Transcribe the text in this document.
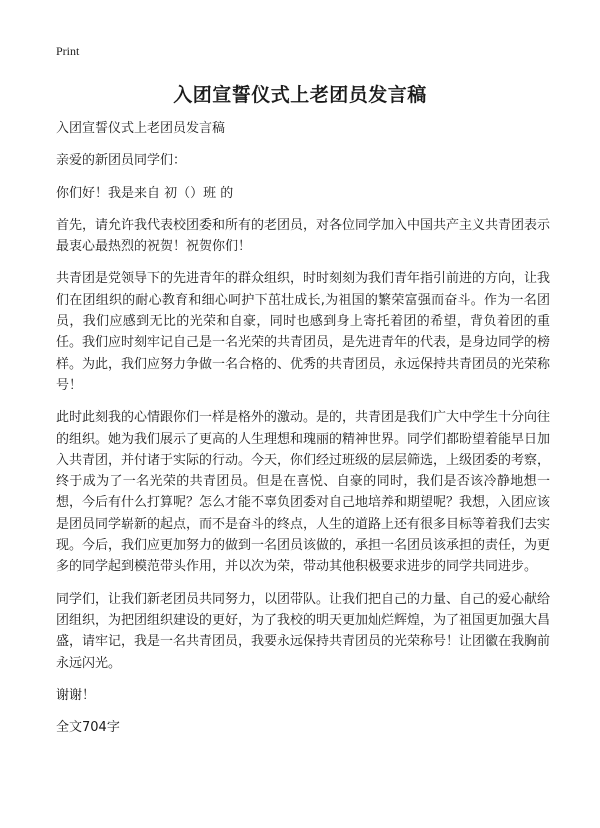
Print
入团宣誓仪式上老团员发言稿

入团宣誓仪式上老团员发言稿

亲爱的新团员同学们：

你们好！我是来自 初（）班 的

首先，请允许我代表校团委和所有的老团员，对各位同学加入中国共产主义共青团表示最衷心最热烈的祝贺！祝贺你们！

共青团是党领导下的先进青年的群众组织，时时刻刻为我们青年指引前进的方向，让我们在团组织的耐心教育和细心呵护下茁壮成长,为祖国的繁荣富强而奋斗。作为一名团员，我们应感到无比的光荣和自豪，同时也感到身上寄托着团的希望，背负着团的重任。我们应时刻牢记自己是一名光荣的共青团员，是先进青年的代表，是身边同学的榜样。为此，我们应努力争做一名合格的、优秀的共青团员，永远保持共青团员的光荣称号！

此时此刻我的心情跟你们一样是格外的激动。是的，共青团是我们广大中学生十分向往的组织。她为我们展示了更高的人生理想和瑰丽的精神世界。同学们都盼望着能早日加入共青团，并付诸于实际的行动。今天，你们经过班级的层层筛选，上级团委的考察，终于成为了一名光荣的共青团员。但是在喜悦、自豪的同时，我们是否该冷静地想一想，今后有什么打算呢？怎么才能不辜负团委对自己地培养和期望呢？我想，入团应该是团员同学崭新的起点，而不是奋斗的终点，人生的道路上还有很多目标等着我们去实现。今后，我们应更加努力的做到一名团员该做的，承担一名团员该承担的责任，为更多的同学起到模范带头作用，并以次为荣，带动其他积极要求进步的同学共同进步。

同学们，让我们新老团员共同努力，以团带队。让我们把自己的力量、自己的爱心献给团组织，为把团组织建设的更好，为了我校的明天更加灿烂辉煌，为了祖国更加强大昌盛，请牢记，我是一名共青团员，我要永远保持共青团员的光荣称号！让团徽在我胸前永远闪光。

谢谢！

全文704字
